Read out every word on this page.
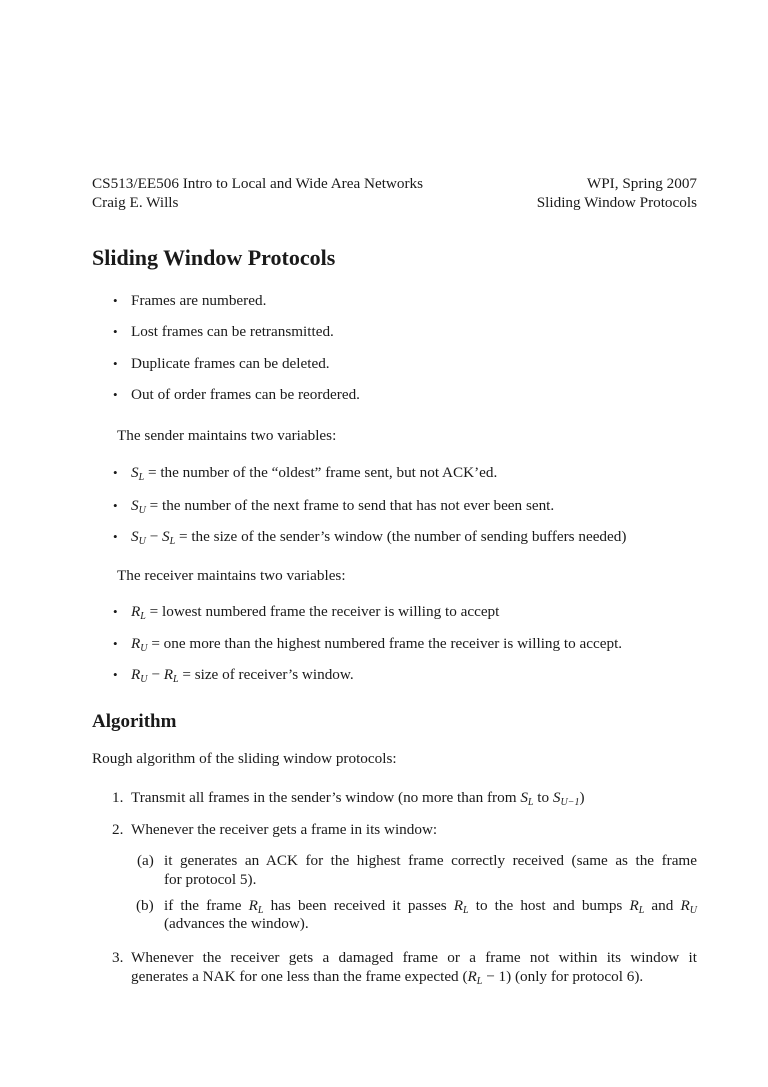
CS513/EE506 Intro to Local and Wide Area Networks	WPI, Spring 2007
Craig E. Wills	Sliding Window Protocols
Sliding Window Protocols
• Frames are numbered.
• Lost frames can be retransmitted.
• Duplicate frames can be deleted.
• Out of order frames can be reordered.
The sender maintains two variables:
• $S_L$ = the number of the “oldest” frame sent, but not ACK’ed.
• $S_U$ = the number of the next frame to send that has not ever been sent.
• $S_U - S_L$ = the size of the sender’s window (the number of sending buffers needed)
The receiver maintains two variables:
• $R_L$ = lowest numbered frame the receiver is willing to accept
• $R_U$ = one more than the highest numbered frame the receiver is willing to accept.
• $R_U - R_L$ = size of receiver’s window.
Algorithm
Rough algorithm of the sliding window protocols:
1. Transmit all frames in the sender’s window (no more than from $S_L$ to $S_{U-1}$)
2. Whenever the receiver gets a frame in its window:
(a) it generates an ACK for the highest frame correctly received (same as the frame
for protocol 5).
(b) if the frame $R_L$ has been received it passes $R_L$ to the host and bumps $R_L$ and $R_U$
(advances the window).
3. Whenever the receiver gets a damaged frame or a frame not within its window it
generates a NAK for one less than the frame expected $(R_L - 1)$ (only for protocol 6).
